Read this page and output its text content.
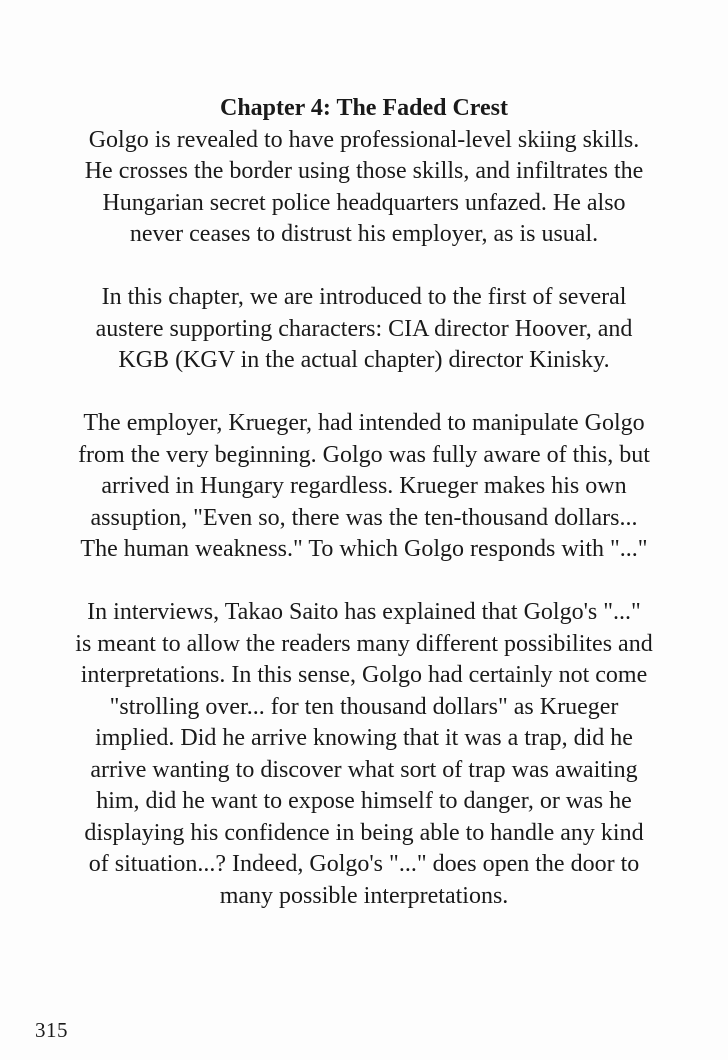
Chapter 4: The Faded Crest
Golgo is revealed to have professional-level skiing skills.
He crosses the border using those skills, and infiltrates the
Hungarian secret police headquarters unfazed. He also
never ceases to distrust his employer, as is usual.
In this chapter, we are introduced to the first of several
austere supporting characters: CIA director Hoover, and
KGB (KGV in the actual chapter) director Kinisky.
The employer, Krueger, had intended to manipulate Golgo
from the very beginning. Golgo was fully aware of this, but
arrived in Hungary regardless. Krueger makes his own
assuption, "Even so, there was the ten-thousand dollars...
The human weakness." To which Golgo responds with "..."
In interviews, Takao Saito has explained that Golgo's "..."
is meant to allow the readers many different possibilites and
interpretations. In this sense, Golgo had certainly not come
"strolling over... for ten thousand dollars" as Krueger
implied. Did he arrive knowing that it was a trap, did he
arrive wanting to discover what sort of trap was awaiting
him, did he want to expose himself to danger, or was he
displaying his confidence in being able to handle any kind
of situation...? Indeed, Golgo's "..." does open the door to
many possible interpretations.
315
